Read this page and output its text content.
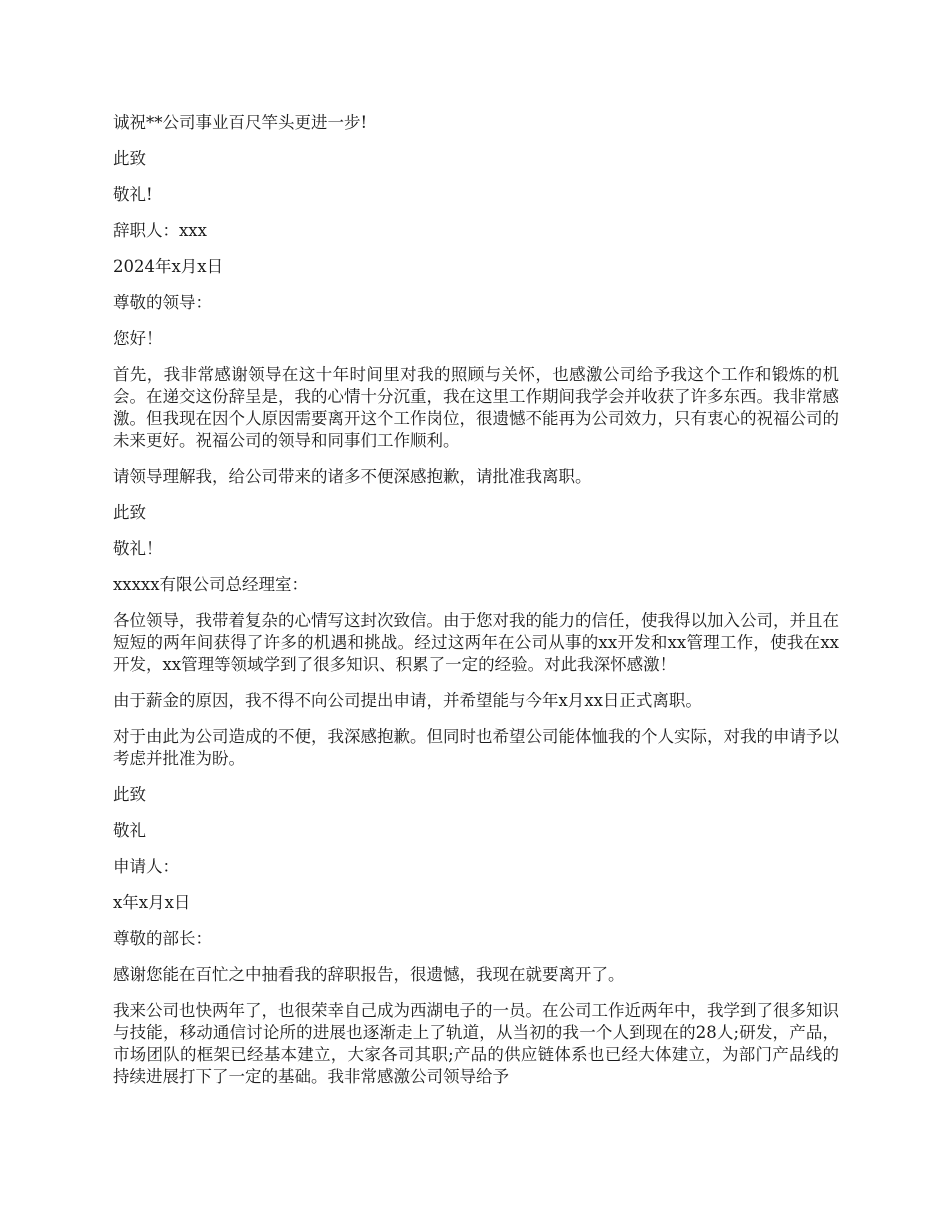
诚祝**公司事业百尺竿头更进一步!

此致

敬礼!

辞职人：xxx

2024年x月x日

尊敬的领导：

您好！

首先，我非常感谢领导在这十年时间里对我的照顾与关怀，也感激公司给予我这个工作和锻炼的机会。在递交这份辞呈是，我的心情十分沉重，我在这里工作期间我学会并收获了许多东西。我非常感激。但我现在因个人原因需要离开这个工作岗位，很遗憾不能再为公司效力，只有衷心的祝福公司的未来更好。祝福公司的领导和同事们工作顺利。

请领导理解我，给公司带来的诸多不便深感抱歉，请批准我离职。

此致

敬礼！

xxxxx有限公司总经理室：

各位领导，我带着复杂的心情写这封次致信。由于您对我的能力的信任，使我得以加入公司，并且在短短的两年间获得了许多的机遇和挑战。经过这两年在公司从事的xx开发和xx管理工作，使我在xx开发，xx管理等领域学到了很多知识、积累了一定的经验。对此我深怀感激！

由于薪金的原因，我不得不向公司提出申请，并希望能与今年x月xx日正式离职。

对于由此为公司造成的不便，我深感抱歉。但同时也希望公司能体恤我的个人实际，对我的申请予以考虑并批准为盼。

此致

敬礼

申请人：

x年x月x日

尊敬的部长：

感谢您能在百忙之中抽看我的辞职报告，很遗憾，我现在就要离开了。

我来公司也快两年了，也很荣幸自己成为西湖电子的一员。在公司工作近两年中，我学到了很多知识与技能，移动通信讨论所的进展也逐渐走上了轨道，从当初的我一个人到现在的28人;研发，产品，市场团队的框架已经基本建立，大家各司其职;产品的供应链体系也已经大体建立，为部门产品线的持续进展打下了一定的基础。我非常感激公司领导给予
